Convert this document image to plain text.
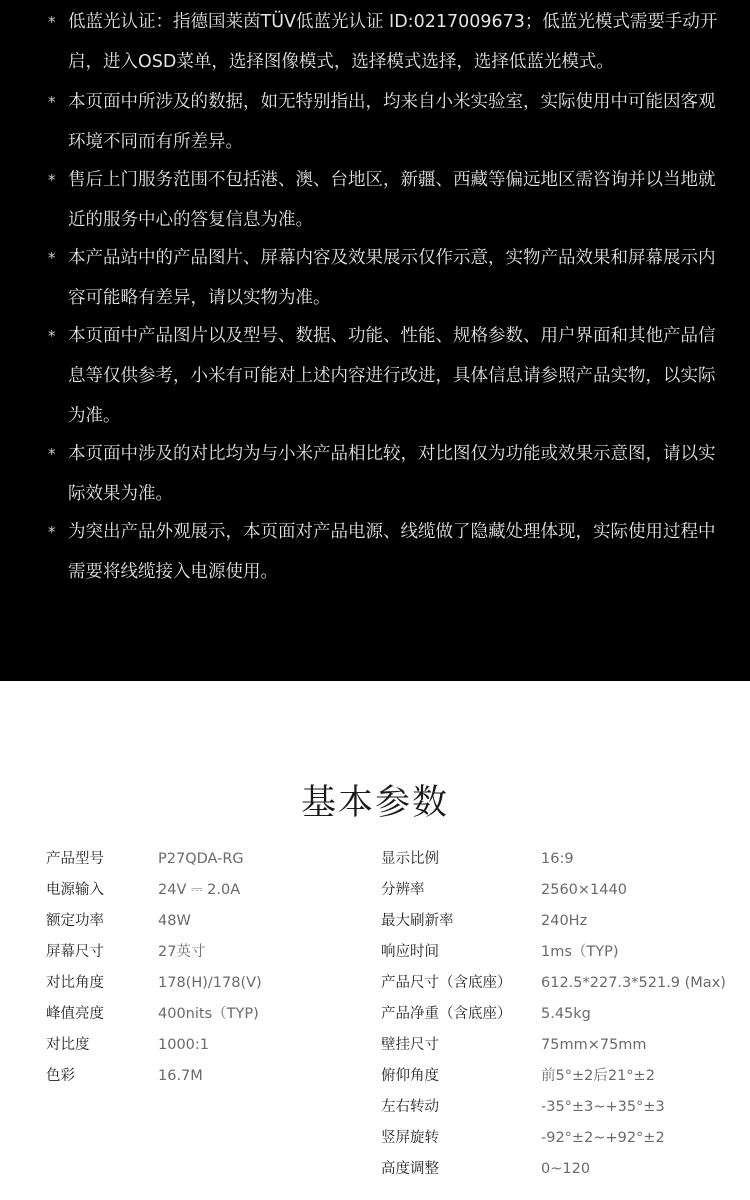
* 低蓝光认证：指德国莱茵TÜV低蓝光认证 ID:0217009673；低蓝光模式需要手动开启，进入OSD菜单，选择图像模式，选择模式选择，选择低蓝光模式。
* 本页面中所涉及的数据，如无特别指出，均来自小米实验室，实际使用中可能因客观环境不同而有所差异。
* 售后上门服务范围不包括港、澳、台地区，新疆、西藏等偏远地区需咨询并以当地就近的服务中心的答复信息为准。
* 本产品站中的产品图片、屏幕内容及效果展示仅作示意，实物产品效果和屏幕展示内容可能略有差异，请以实物为准。
* 本页面中产品图片以及型号、数据、功能、性能、规格参数、用户界面和其他产品信息等仅供参考，小米有可能对上述内容进行改进，具体信息请参照产品实物，以实际为准。
* 本页面中涉及的对比均为与小米产品相比较，对比图仅为功能或效果示意图，请以实际效果为准。
* 为突出产品外观展示，本页面对产品电源、线缆做了隐藏处理体现，实际使用过程中需要将线缆接入电源使用。
基本参数
产品型号	P27QDA-RG
电源输入	24V ⎓ 2.0A
额定功率	48W
屏幕尺寸	27英寸
对比角度	178(H)/178(V)
峰值亮度	400nits（TYP)
对比度	1000:1
色彩	16.7M
显示比例	16:9
分辨率	2560×1440
最大刷新率	240Hz
响应时间	1ms（TYP)
产品尺寸（含底座） 612.5*227.3*521.9 (Max)
产品净重（含底座） 5.45kg
壁挂尺寸	75mm×75mm
俯仰角度	前5°±2后21°±2
左右转动	-35°±3~+35°±3
竖屏旋转	-92°±2~+92°±2
高度调整	0~120
